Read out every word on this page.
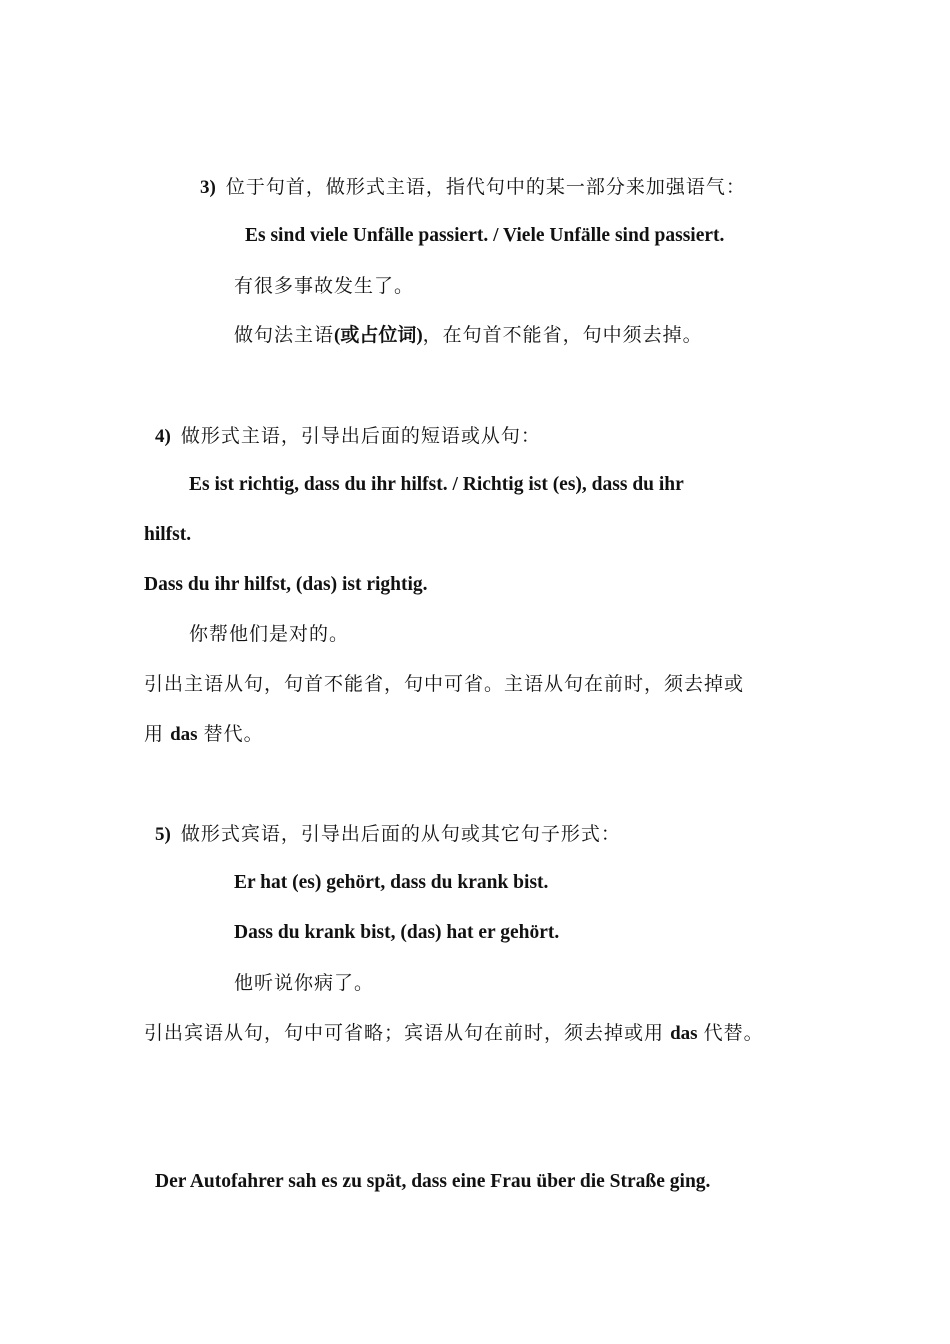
3) 位于句首，做形式主语，指代句中的某一部分来加强语气：
Es sind viele Unfälle passiert. / Viele Unfälle sind passiert.
有很多事故发生了。
做句法主语(或占位词)，在句首不能省，句中须去掉。
4) 做形式主语，引导出后面的短语或从句：
Es ist richtig, dass du ihr hilfst. / Richtig ist (es), dass du ihr
hilfst.
Dass du ihr hilfst, (das) ist rightig.
你帮他们是对的。
引出主语从句，句首不能省，句中可省。主语从句在前时，须去掉或
用 das 替代。
5) 做形式宾语，引导出后面的从句或其它句子形式：
Er hat (es) gehört, dass du krank bist.
Dass du krank bist, (das) hat er gehört.
他听说你病了。
引出宾语从句，句中可省略；宾语从句在前时，须去掉或用 das 代替。
Der Autofahrer sah es zu spät, dass eine Frau über die Straße ging.
